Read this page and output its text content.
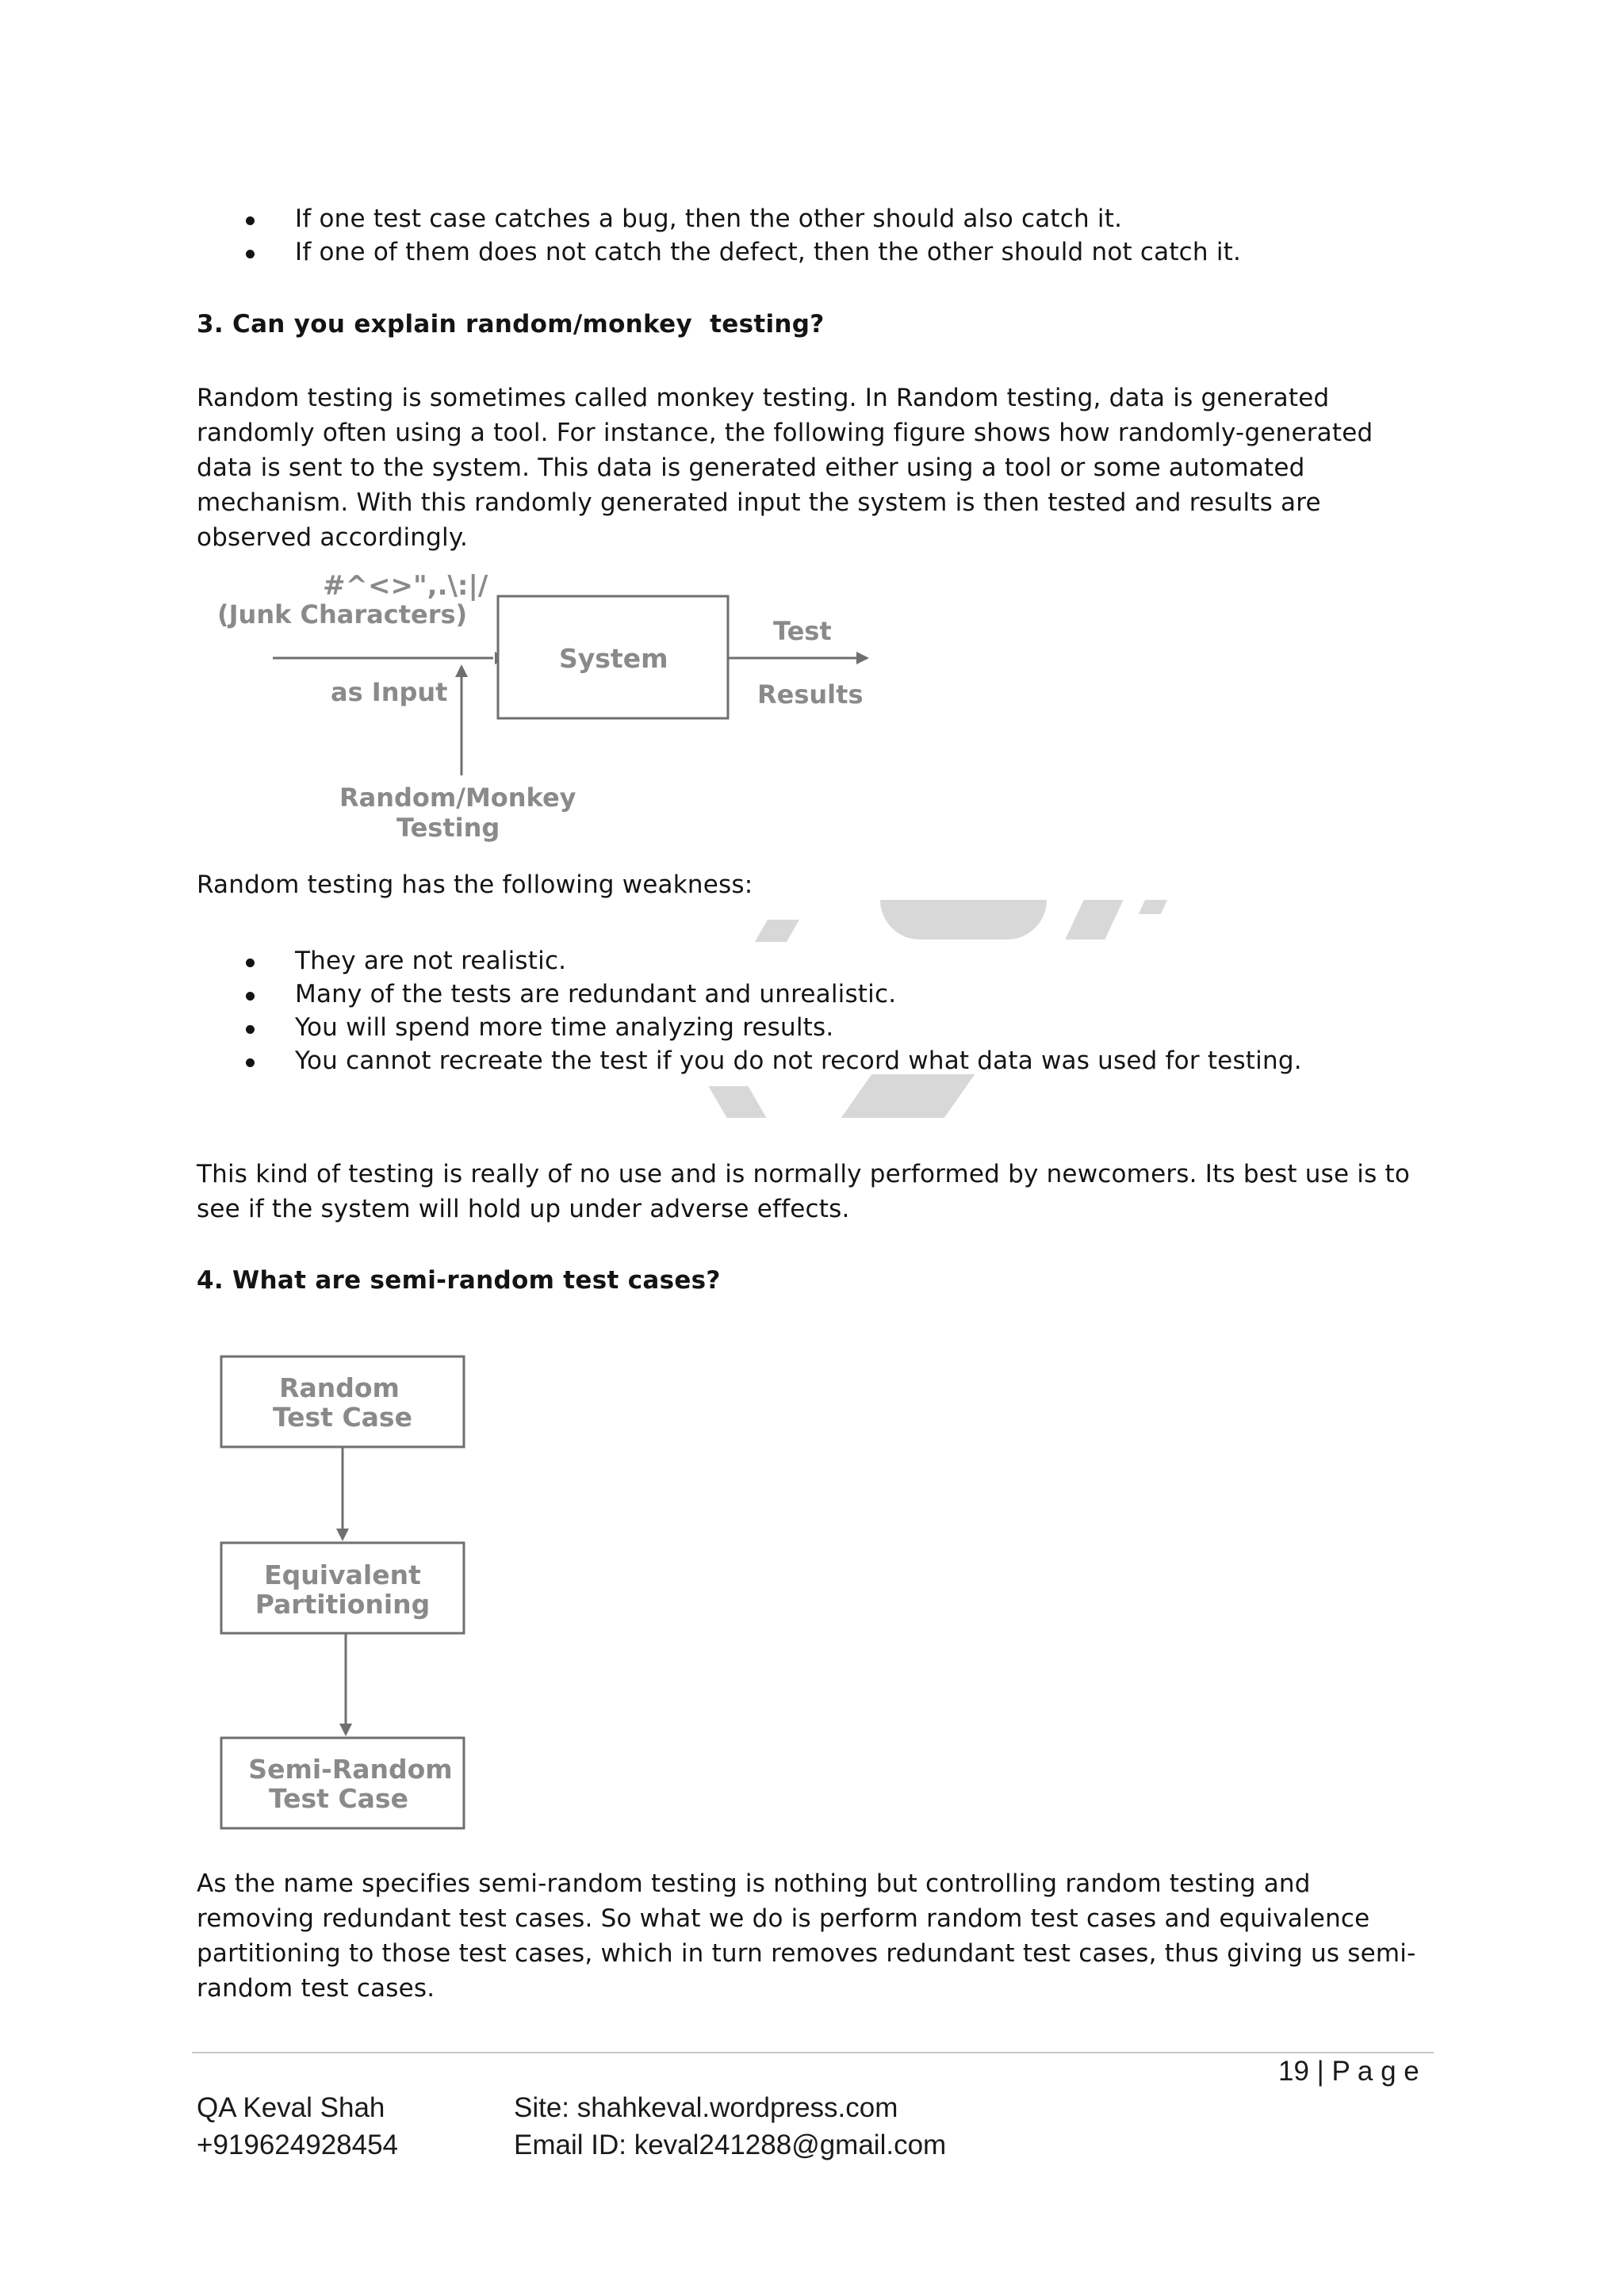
If one test case catches a bug, then the other should also catch it.
If one of them does not catch the defect, then the other should not catch it.
3. Can you explain random/monkey  testing?
Random testing is sometimes called monkey testing. In Random testing, data is generated randomly often using a tool. For instance, the following figure shows how randomly-generated data is sent to the system. This data is generated either using a tool or some automated mechanism. With this randomly generated input the system is then tested and results are observed accordingly.
#^<>",.\:|/
(Junk Characters)
as Input
System
Test
Results
Random/Monkey
Testing
Random testing has the following weakness:
They are not realistic.
Many of the tests are redundant and unrealistic.
You will spend more time analyzing results.
You cannot recreate the test if you do not record what data was used for testing.
This kind of testing is really of no use and is normally performed by newcomers. Its best use is to see if the system will hold up under adverse effects.
4. What are semi-random test cases?
Random
Test Case
Equivalent
Partitioning
Semi-Random
Test Case
As the name specifies semi-random testing is nothing but controlling random testing and removing redundant test cases. So what we do is perform random test cases and equivalence partitioning to those test cases, which in turn removes redundant test cases, thus giving us semi-random test cases.
19 | P a g e
QA Keval Shah
+919624928454
Site: shahkeval.wordpress.com
Email ID: keval241288@gmail.com
